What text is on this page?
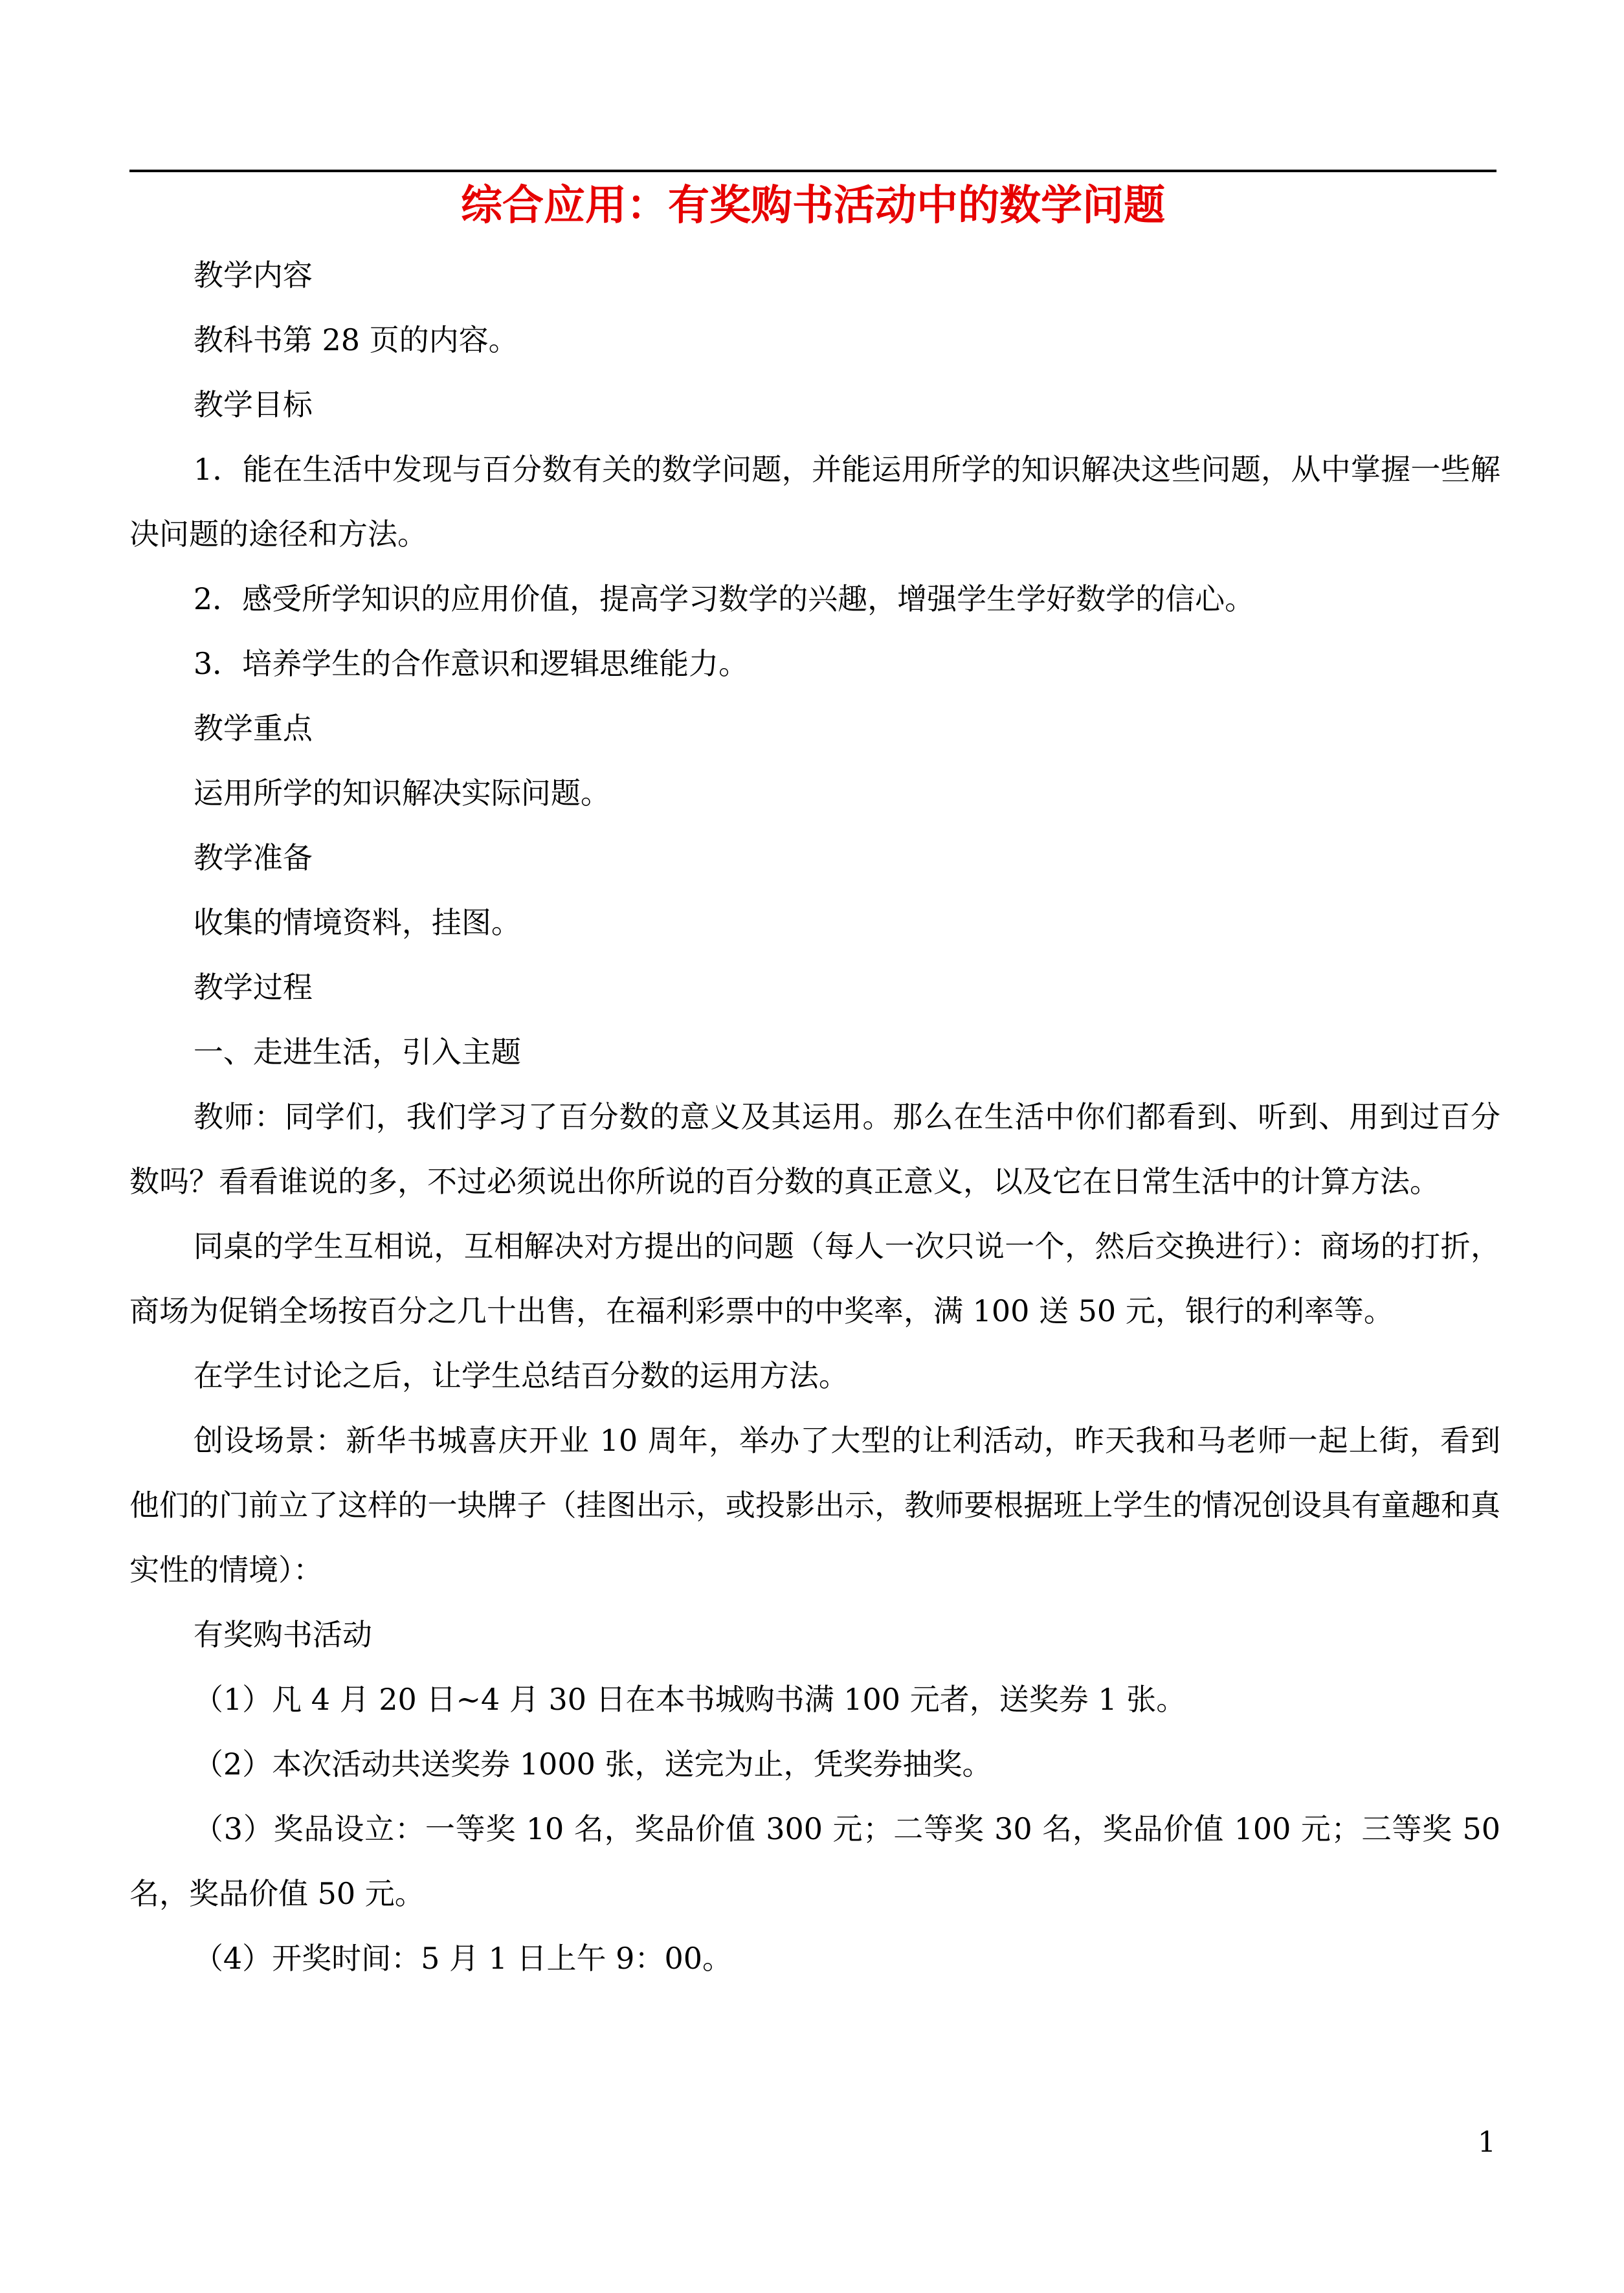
综合应用：有奖购书活动中的数学问题

教学内容

教科书第 28 页的内容。

教学目标

1．能在生活中发现与百分数有关的数学问题，并能运用所学的知识解决这些问题，从中掌握一些解决问题的途径和方法。

2．感受所学知识的应用价值，提高学习数学的兴趣，增强学生学好数学的信心。

3．培养学生的合作意识和逻辑思维能力。

教学重点

运用所学的知识解决实际问题。

教学准备

收集的情境资料，挂图。

教学过程

一、走进生活，引入主题

教师：同学们，我们学习了百分数的意义及其运用。那么在生活中你们都看到、听到、用到过百分数吗？看看谁说的多，不过必须说出你所说的百分数的真正意义，以及它在日常生活中的计算方法。

同桌的学生互相说，互相解决对方提出的问题（每人一次只说一个，然后交换进行）：商场的打折，商场为促销全场按百分之几十出售，在福利彩票中的中奖率，满 100 送 50 元，银行的利率等。

在学生讨论之后，让学生总结百分数的运用方法。

创设场景：新华书城喜庆开业 10 周年，举办了大型的让利活动，昨天我和马老师一起上街，看到他们的门前立了这样的一块牌子（挂图出示，或投影出示，教师要根据班上学生的情况创设具有童趣和真实性的情境）：

有奖购书活动

（1）凡 4 月 20 日~4 月 30 日在本书城购书满 100 元者，送奖券 1 张。

（2）本次活动共送奖券 1000 张，送完为止，凭奖券抽奖。

（3）奖品设立：一等奖 10 名，奖品价值 300 元；二等奖 30 名，奖品价值 100 元；三等奖 50 名，奖品价值 50 元。

（4）开奖时间：5 月 1 日上午 9：00。

1
